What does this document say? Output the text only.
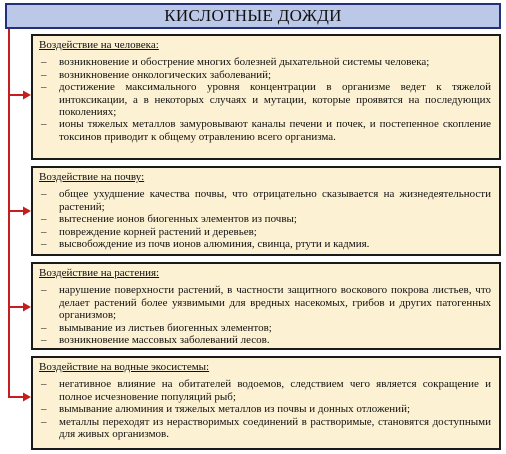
КИСЛОТНЫЕ ДОЖДИ
Воздействие на человека:
– возникновение и обострение многих болезней дыхательной системы человека;
– возникновение онкологических заболеваний;
– достижение максимального уровня концентрации в организме ведет к тяжелой интоксикации, а в некоторых случаях и мутации, которые проявятся на последующих поколениях;
– ионы тяжелых металлов замуровывают каналы печени и почек, и постепенное скопление токсинов приводит к общему отравлению всего организма.
Воздействие на почву:
– общее ухудшение качества почвы, что отрицательно сказывается на жизнедеятельности растений;
– вытеснение ионов биогенных элементов из почвы;
– повреждение корней растений и деревьев;
– высвобождение из почв ионов алюминия, свинца, ртути и кадмия.
Воздействие на растения:
– нарушение поверхности растений, в частности защитного воскового покрова листьев, что делает растений более уязвимыми для вредных насекомых, грибов и других патогенных организмов;
– вымывание из листьев биогенных элементов;
– возникновение массовых заболеваний лесов.
Воздействие на водные экосистемы:
– негативное влияние на обитателей водоемов, следствием чего является сокращение и полное исчезновение популяций рыб;
– вымывание алюминия и тяжелых металлов из почвы и донных отложений;
– металлы переходят из нерастворимых соединений в растворимые, становятся доступными для живых организмов.
